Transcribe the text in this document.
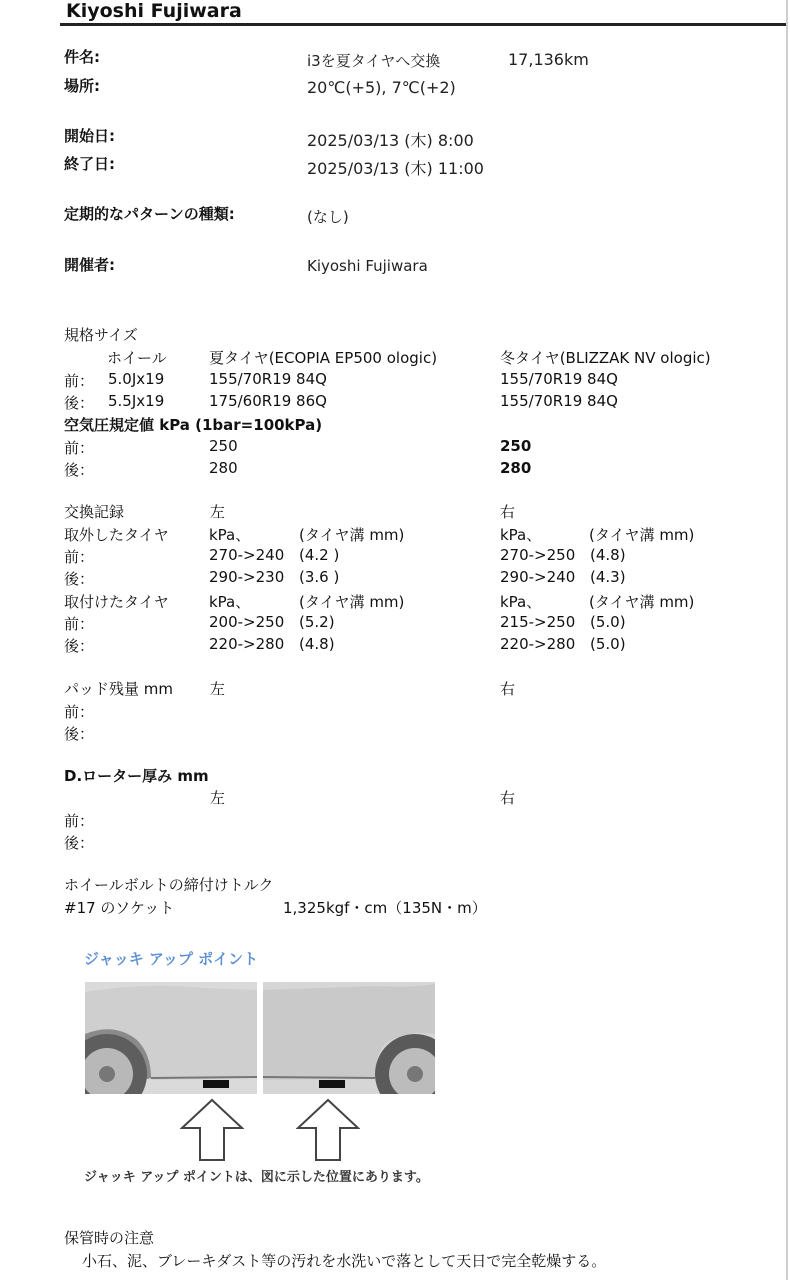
Kiyoshi Fujiwara
件名:	i3を夏タイヤへ交換	17,136km
場所:	20℃(+5), 7℃(+2)
開始日:	2025/03/13 (木) 8:00
終了日:	2025/03/13 (木) 11:00
定期的なパターンの種類:	(なし)
開催者:	Kiyoshi Fujiwara
規格サイズ
ホイール	夏タイヤ(ECOPIA EP500 ologic)	冬タイヤ(BLIZZAK NV ologic)
前： 5.0Jx19	155/70R19 84Q	155/70R19 84Q
後： 5.5Jx19	175/60R19 86Q	155/70R19 84Q
空気圧規定値 kPa (1bar=100kPa)
前：	250	250
後：	280	280
交換記録	左	右
取外したタイヤ	kPa、	(タイヤ溝 mm)	kPa、	(タイヤ溝 mm)
前：	270->240 (4.2 )	270->250 (4.8)
後：	290->230 (3.6 )	290->240 (4.3)
取付けたタイヤ	kPa、	(タイヤ溝 mm)	kPa、	(タイヤ溝 mm)
前：	200->250 (5.2)	215->250 (5.0)
後：	220->280 (4.8)	220->280 (5.0)
パッド残量 mm 左	右
前：
後：
D.ローター厚み mm
左	右
前：
後：
ホイールボルトの締付けトルク
#17 のソケット	1,325kgf・cm（135N・m）
ジャッキ アップ ポイント
ジャッキ アップ ポイントは、図に示した位置にあります。
保管時の注意
小石、泥、ブレーキダスト等の汚れを水洗いで落として天日で完全乾燥する。
